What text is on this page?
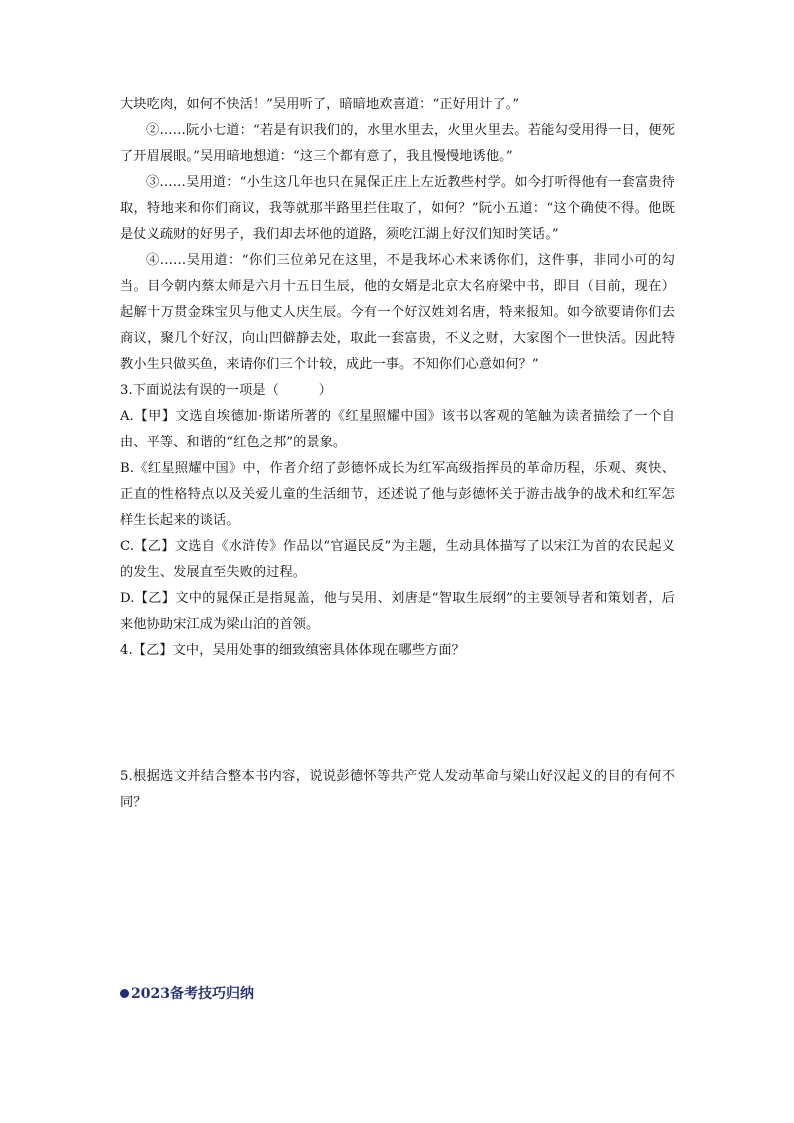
大块吃肉，如何不快活！”吴用听了，暗暗地欢喜道：“正好用计了。”

②……阮小七道：“若是有识我们的，水里水里去，火里火里去。若能勾受用得一日，便死了开眉展眼。”吴用暗地想道：“这三个都有意了，我且慢慢地诱他。”

③……吴用道：“小生这几年也只在晁保正庄上左近教些村学。如今打听得他有一套富贵待取，特地来和你们商议，我等就那半路里拦住取了，如何？”阮小五道：“这个确使不得。他既是仗义疏财的好男子，我们却去坏他的道路，须吃江湖上好汉们知时笑话。”

④……吴用道：“你们三位弟兄在这里，不是我坏心术来诱你们，这件事，非同小可的勾当。目今朝内蔡太师是六月十五日生辰，他的女婿是北京大名府梁中书，即目（目前，现在）起解十万贯金珠宝贝与他丈人庆生辰。今有一个好汉姓刘名唐，特来报知。如今欲要请你们去商议，聚几个好汉，向山凹僻静去处，取此一套富贵，不义之财，大家图个一世快活。因此特教小生只做买鱼，来请你们三个计较，成此一事。不知你们心意如何？”

3.下面说法有误的一项是（　　　）

A.【甲】文选自埃德加·斯诺所著的《红星照耀中国》该书以客观的笔触为读者描绘了一个自由、平等、和谐的“红色之邦”的景象。

B.《红星照耀中国》中，作者介绍了彭德怀成长为红军高级指挥员的革命历程，乐观、爽快、正直的性格特点以及关爱儿童的生活细节，还述说了他与彭德怀关于游击战争的战术和红军怎样生长起来的谈话。

C.【乙】文选自《水浒传》作品以“官逼民反”为主题，生动具体描写了以宋江为首的农民起义的发生、发展直至失败的过程。

D.【乙】文中的晁保正是指晁盖，他与吴用、刘唐是“智取生辰纲”的主要领导者和策划者，后来他协助宋江成为梁山泊的首领。

4.【乙】文中，吴用处事的细致缜密具体体现在哪些方面？

5.根据选文并结合整本书内容，说说彭德怀等共产党人发动革命与梁山好汉起义的目的有何不同？

2023备考技巧归纳
